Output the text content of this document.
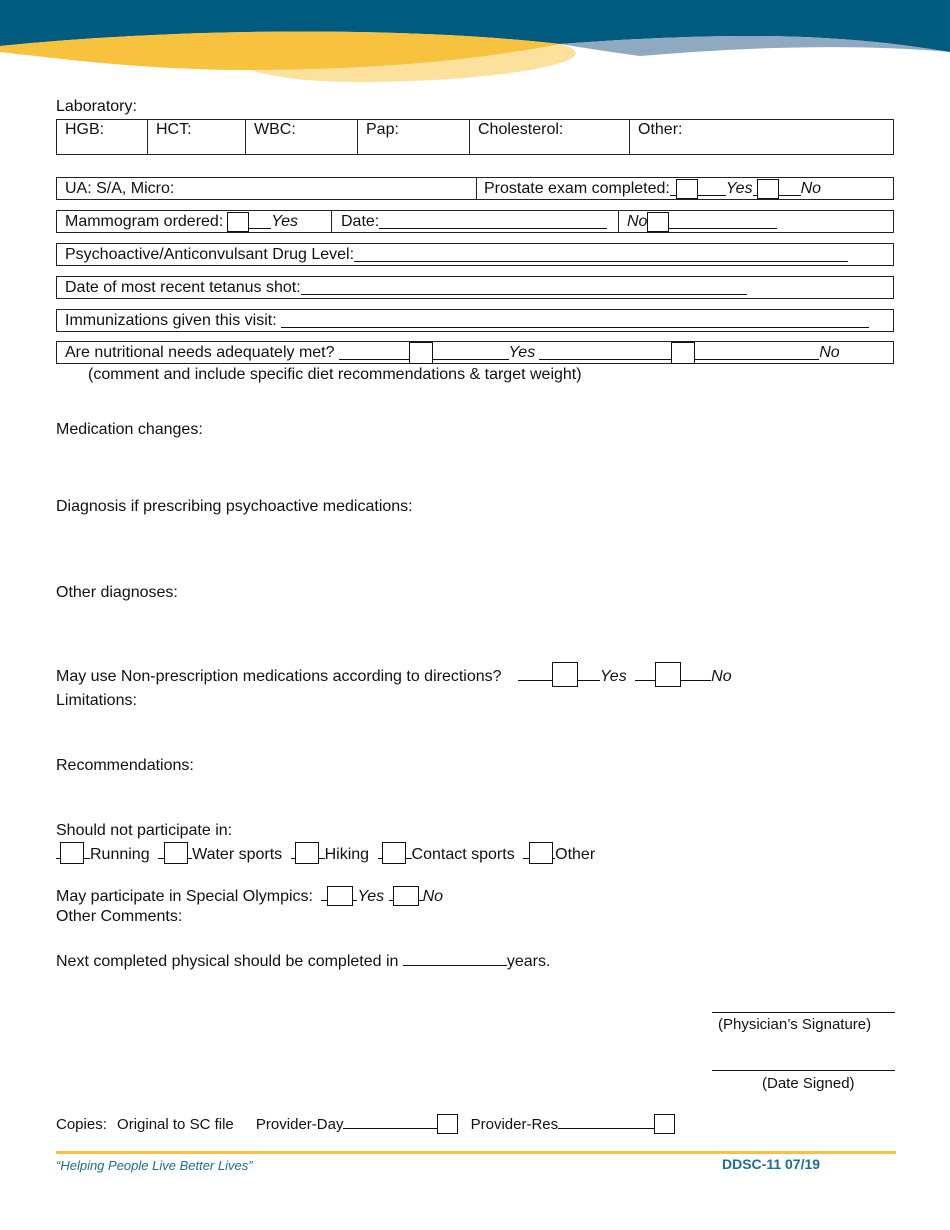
Laboratory:
HGB:	HCT:	WBC:	Pap:	Cholesterol:	Other:
UA: S/A, Micro:	Prostate exam completed:	Yes	No
Mammogram ordered:	Yes	Date:	No
Psychoactive/Anticonvulsant Drug Level:
Date of most recent tetanus shot:
Immunizations given this visit:
Are nutritional needs adequately met?	Yes	No
(comment and include specific diet recommendations & target weight)
Medication changes:
Diagnosis if prescribing psychoactive medications:
Other diagnoses:
May use Non-prescription medications according to directions?	Yes	No
Limitations:
Recommendations:
Should not participate in:
Running	Water sports	Hiking	Contact sports	Other
May participate in Special Olympics:	Yes No
Other Comments:
Next completed physical should be completed in	years.
(Physician’s Signature)
(Date Signed)
Copies: Original to SC file Provider-Day	Provider-Res
“Helping People Live Better Lives”	DDSC-11 07/19
